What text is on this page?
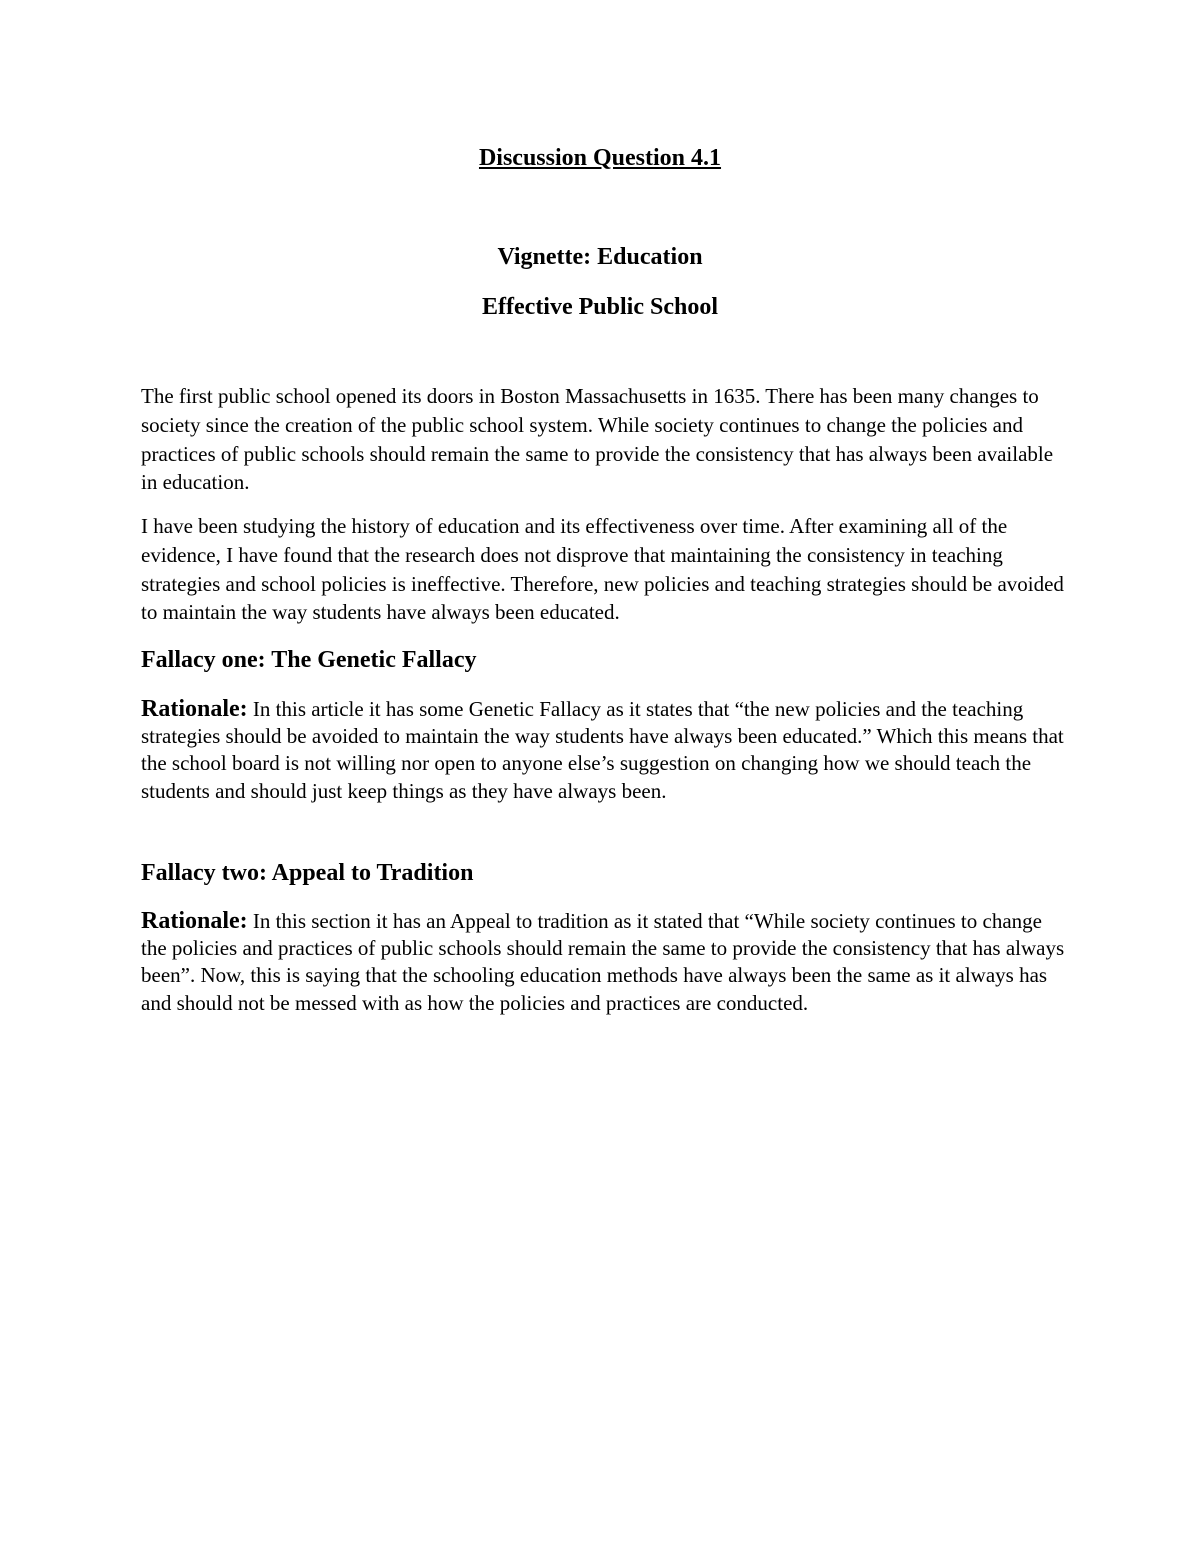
Discussion Question 4.1
Vignette: Education
Effective Public School

The first public school opened its doors in Boston Massachusetts in 1635. There has been many changes to society since the creation of the public school system. While society continues to change the policies and practices of public schools should remain the same to provide the consistency that has always been available in education.

I have been studying the history of education and its effectiveness over time. After examining all of the evidence, I have found that the research does not disprove that maintaining the consistency in teaching strategies and school policies is ineffective. Therefore, new policies and teaching strategies should be avoided to maintain the way students have always been educated.

Fallacy one: The Genetic Fallacy

Rationale: In this article it has some Genetic Fallacy as it states that “the new policies and the teaching strategies should be avoided to maintain the way students have always been educated.” Which this means that the school board is not willing nor open to anyone else’s suggestion on changing how we should teach the students and should just keep things as they have always been.

Fallacy two: Appeal to Tradition

Rationale: In this section it has an Appeal to tradition as it stated that “While society continues to change the policies and practices of public schools should remain the same to provide the consistency that has always been”. Now, this is saying that the schooling education methods have always been the same as it always has and should not be messed with as how the policies and practices are conducted.
